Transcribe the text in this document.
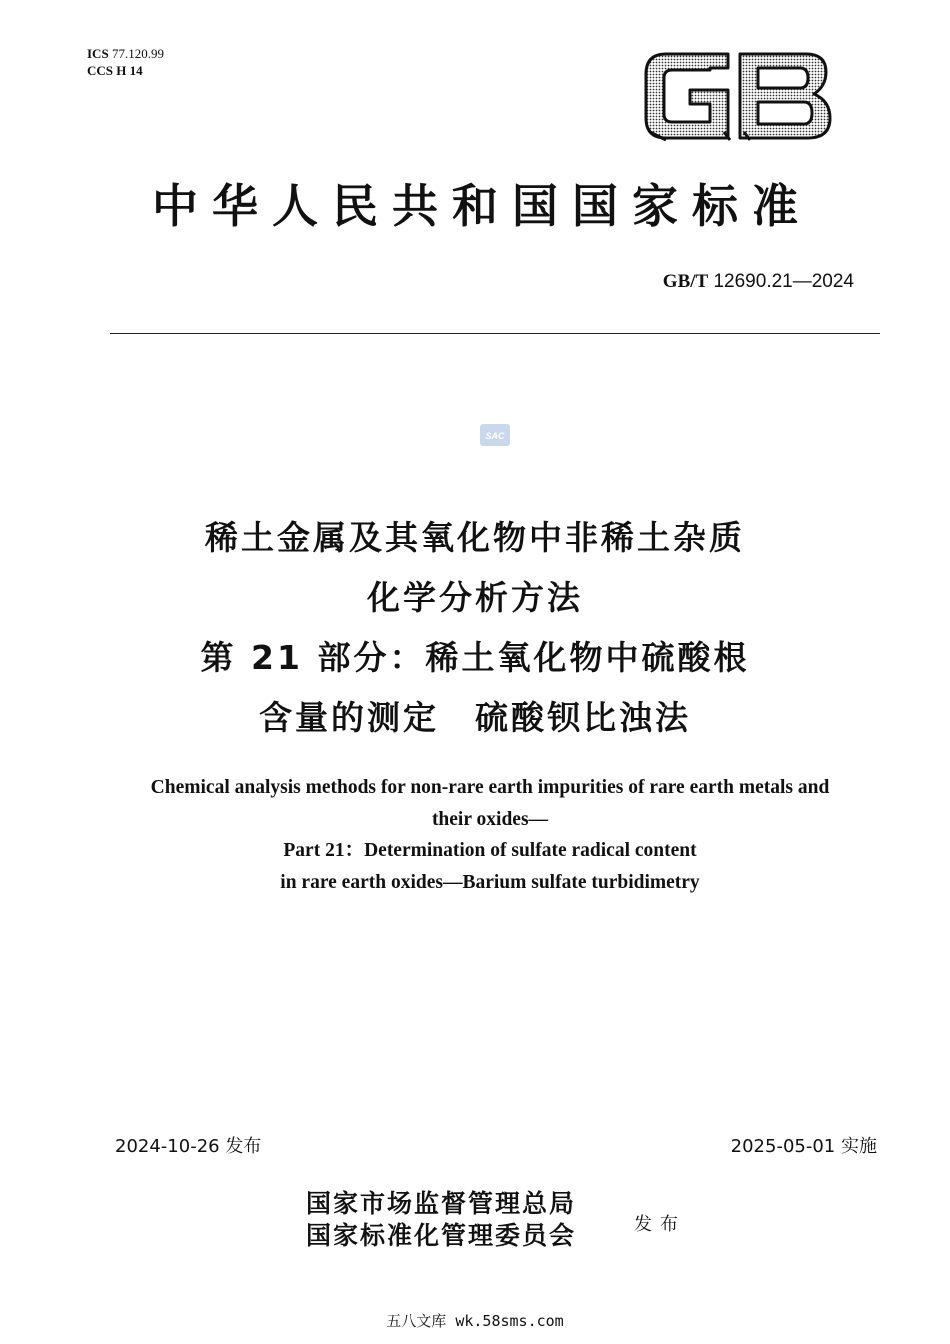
ICS 77.120.99
CCS H 14
中华人民共和国国家标准
GB/T 12690.21—2024
SAC
稀土金属及其氧化物中非稀土杂质
化学分析方法
第 21 部分：稀土氧化物中硫酸根
含量的测定　硫酸钡比浊法
Chemical analysis methods for non-rare earth impurities of rare earth metals and
their oxides—
Part 21：Determination of sulfate radical content
in rare earth oxides—Barium sulfate turbidimetry
2024-10-26 发布	2025-05-01 实施
国家市场监督管理总局
国家标准化管理委员会	发布
五八文库 wk.58sms.com
